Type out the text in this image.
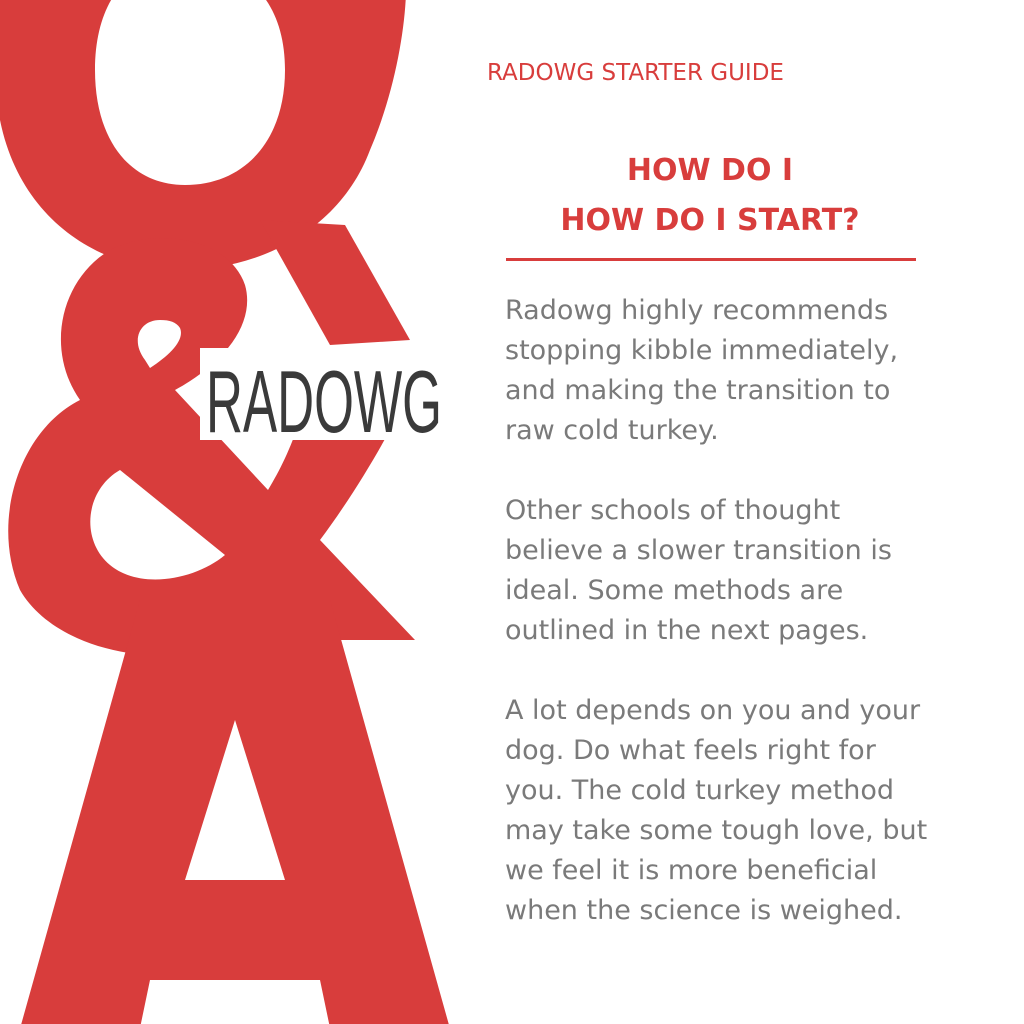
RADOWG
RADOWG STARTER GUIDE
HOW DO I
HOW DO I START?

Radowg highly recommends stopping kibble immediately, and making the transition to raw cold turkey.

Other schools of thought believe a slower transition is ideal. Some methods are outlined in the next pages.

A lot depends on you and your dog. Do what feels right for you. The cold turkey method may take some tough love, but we feel it is more beneficial when the science is weighed.
